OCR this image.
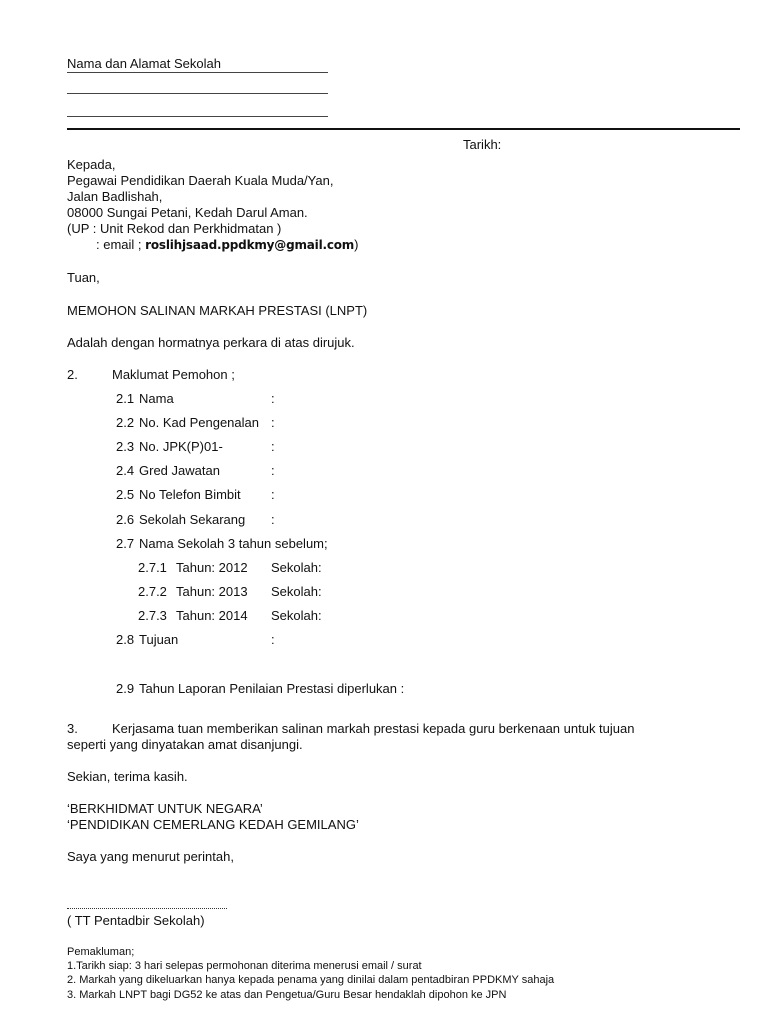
Nama dan Alamat Sekolah
Tarikh:
Kepada,
Pegawai Pendidikan Daerah Kuala Muda/Yan,
Jalan Badlishah,
08000 Sungai Petani, Kedah Darul Aman.
(UP : Unit Rekod dan Perkhidmatan )
: email ; roslihjsaad.ppdkmy@gmail.com)
Tuan,
MEMOHON SALINAN MARKAH PRESTASI (LNPT)
Adalah dengan hormatnya perkara di atas dirujuk.
2.	Maklumat Pemohon ;
2.1 Nama	:
2.2 No. Kad Pengenalan :
2.3 No. JPK(P)01-	:
2.4 Gred Jawatan	:
2.5 No Telefon Bimbit :
2.6 Sekolah Sekarang :
2.7 Nama Sekolah 3 tahun sebelum;
2.7.1 Tahun: 2012 Sekolah:
2.7.2 Tahun: 2013 Sekolah:
2.7.3 Tahun: 2014 Sekolah:
2.8 Tujuan	:
2.9 Tahun Laporan Penilaian Prestasi diperlukan :
3.	Kerjasama tuan memberikan salinan markah prestasi kepada guru berkenaan untuk tujuan
seperti yang dinyatakan amat disanjungi.
Sekian, terima kasih.
‘BERKHIDMAT UNTUK NEGARA’
‘PENDIDIKAN CEMERLANG KEDAH GEMILANG’
Saya yang menurut perintah,
( TT Pentadbir Sekolah)
Pemakluman;
1.Tarikh siap: 3 hari selepas permohonan diterima menerusi email / surat
2. Markah yang dikeluarkan hanya kepada penama yang dinilai dalam pentadbiran PPDKMY sahaja
3. Markah LNPT bagi DG52 ke atas dan Pengetua/Guru Besar hendaklah dipohon ke JPN
